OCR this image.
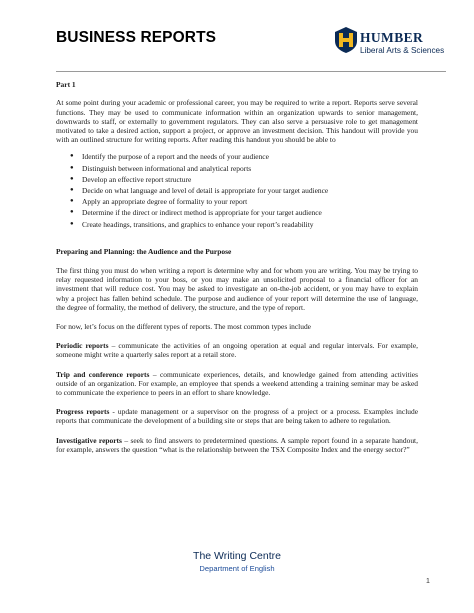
BUSINESS REPORTS	HUMBER
Liberal Arts & Sciences

Part 1

At some point during your academic or professional career, you may be required to write a report. Reports serve several functions. They may be used to communicate information within an organization upwards to senior management, downwards to staff, or externally to government regulators. They can also serve a persuasive role to get management motivated to take a desired action, support a project, or approve an investment decision. This handout will provide you with an outlined structure for writing reports. After reading this handout you should be able to

● Identify the purpose of a report and the needs of your audience
● Distinguish between informational and analytical reports
● Develop an effective report structure
● Decide on what language and level of detail is appropriate for your target audience
● Apply an appropriate degree of formality to your report
● Determine if the direct or indirect method is appropriate for your target audience
● Create headings, transitions, and graphics to enhance your report’s readability

Preparing and Planning: the Audience and the Purpose

The first thing you must do when writing a report is determine why and for whom you are writing. You may be trying to relay requested information to your boss, or you may make an unsolicited proposal to a financial officer for an investment that will reduce cost. You may be asked to investigate an on-the-job accident, or you may have to explain why a project has fallen behind schedule. The purpose and audience of your report will determine the use of language, the degree of formality, the method of delivery, the structure, and the type of report.

For now, let’s focus on the different types of reports. The most common types include

Periodic reports – communicate the activities of an ongoing operation at equal and regular intervals. For example, someone might write a quarterly sales report at a retail store.

Trip and conference reports – communicate experiences, details, and knowledge gained from attending activities outside of an organization. For example, an employee that spends a weekend attending a training seminar may be asked to communicate the experience to peers in an effort to share knowledge.

Progress reports - update management or a supervisor on the progress of a project or a process. Examples include reports that communicate the development of a building site or steps that are being taken to adhere to regulation.

Investigative reports – seek to find answers to predetermined questions. A sample report found in a separate handout, for example, answers the question “what is the relationship between the TSX Composite Index and the energy sector?”

The Writing Centre
Department of English
1
